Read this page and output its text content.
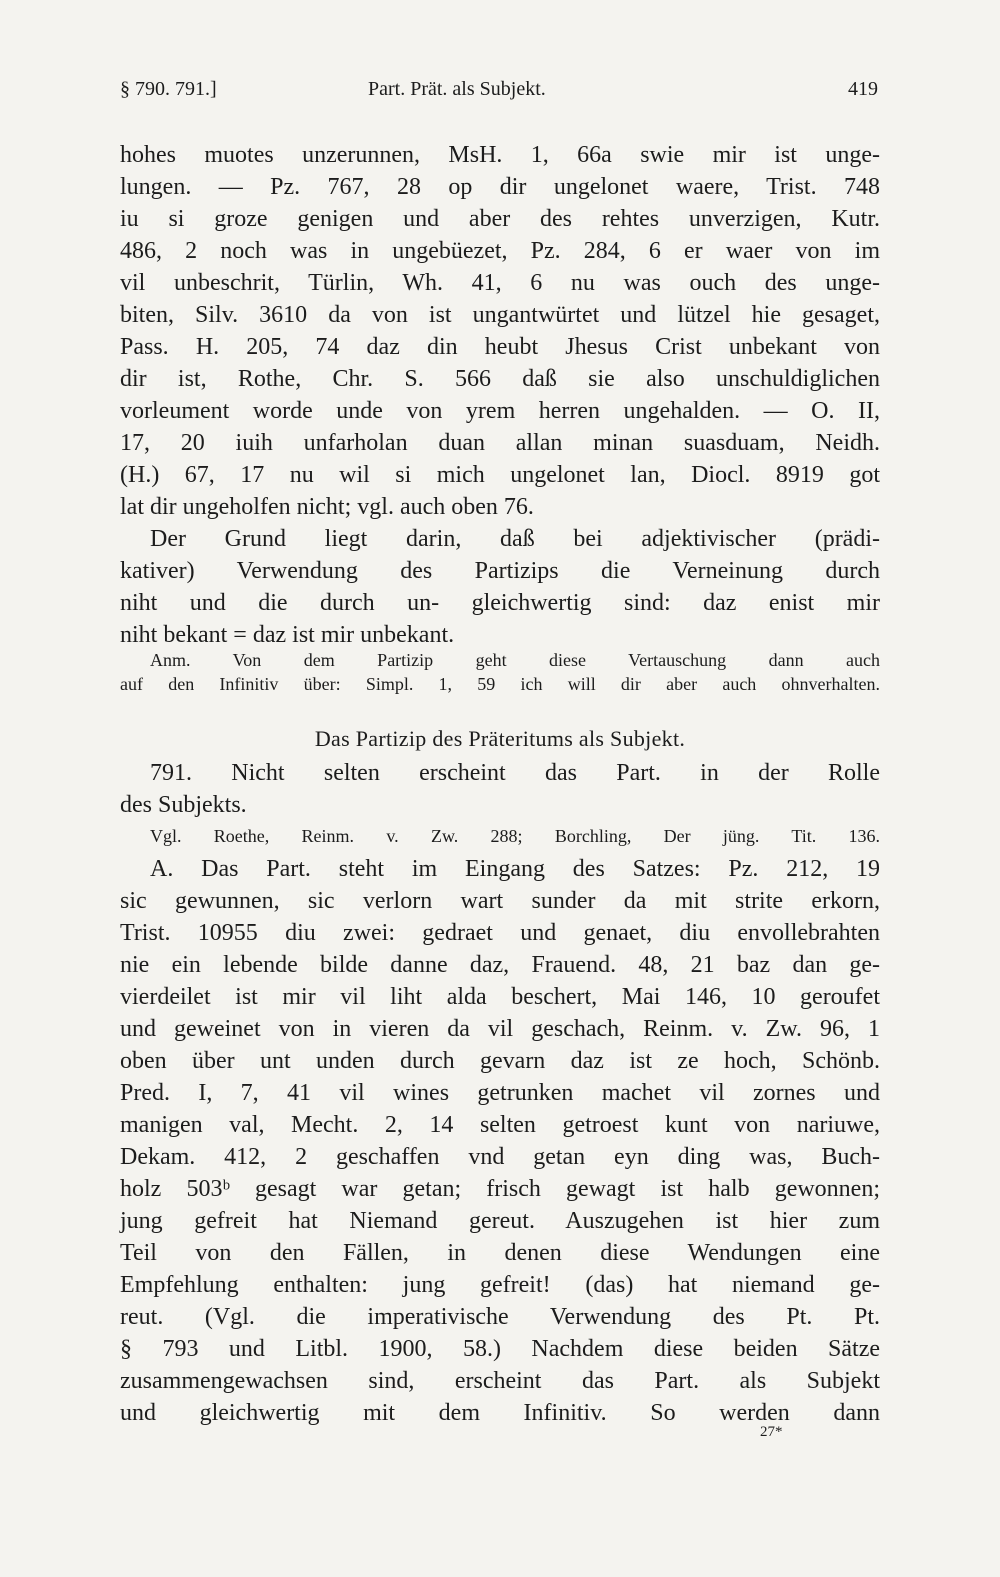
§ 790. 791.]	Part. Prät. als Subjekt.	419
hohes muotes unzerunnen, MsH. 1, 66a swie mir ist unge-
lungen. — Pz. 767, 28 op dir ungelonet waere, Trist. 748
iu si groze genigen und aber des rehtes unverzigen, Kutr.
486, 2 noch was in ungebüezet, Pz. 284, 6 er waer von im
vil unbeschrit, Türlin, Wh. 41, 6 nu was ouch des unge-
biten, Silv. 3610 da von ist ungantwürtet und lützel hie gesaget,
Pass. H. 205, 74 daz din heubt Jhesus Crist unbekant von
dir ist, Rothe, Chr. S. 566 daß sie also unschuldiglichen
vorleument worde unde von yrem herren ungehalden. — O. II,
17, 20 iuih unfarholan duan allan minan suasduam, Neidh.
(H.) 67, 17 nu wil si mich ungelonet lan, Diocl. 8919 got
lat dir ungeholfen nicht; vgl. auch oben 76.
Der Grund liegt darin, daß bei adjektivischer (prädi-
kativer) Verwendung des Partizips die Verneinung durch
niht und die durch un- gleichwertig sind: daz enist mir
niht bekant = daz ist mir unbekant.
Anm. Von dem Partizip geht diese Vertauschung dann auch
auf den Infinitiv über: Simpl. 1, 59 ich will dir aber auch ohnverhalten.
Das Partizip des Präteritums als Subjekt.
791. Nicht selten erscheint das Part. in der Rolle
des Subjekts.
Vgl. Roethe, Reinm. v. Zw. 288; Borchling, Der jüng. Tit. 136.
A. Das Part. steht im Eingang des Satzes: Pz. 212, 19
sic gewunnen, sic verlorn wart sunder da mit strite erkorn,
Trist. 10955 diu zwei: gedraet und genaet, diu envollebrahten
nie ein lebende bilde danne daz, Frauend. 48, 21 baz dan ge-
vierdeilet ist mir vil liht alda beschert, Mai 146, 10 geroufet
und geweinet von in vieren da vil geschach, Reinm. v. Zw. 96, 1
oben über unt unden durch gevarn daz ist ze hoch, Schönb.
Pred. I, 7, 41 vil wines getrunken machet vil zornes und
manigen val, Mecht. 2, 14 selten getroest kunt von nariuwe,
Dekam. 412, 2 geschaffen vnd getan eyn ding was, Buch-
holz 503ᵇ gesagt war getan; frisch gewagt ist halb gewonnen;
jung gefreit hat Niemand gereut. Auszugehen ist hier zum
Teil von den Fällen, in denen diese Wendungen eine
Empfehlung enthalten: jung gefreit! (das) hat niemand ge-
reut. (Vgl. die imperativische Verwendung des Pt. Pt.
§ 793 und Litbl. 1900, 58.) Nachdem diese beiden Sätze
zusammengewachsen sind, erscheint das Part. als Subjekt
und gleichwertig mit dem Infinitiv. So werden dann
27*
